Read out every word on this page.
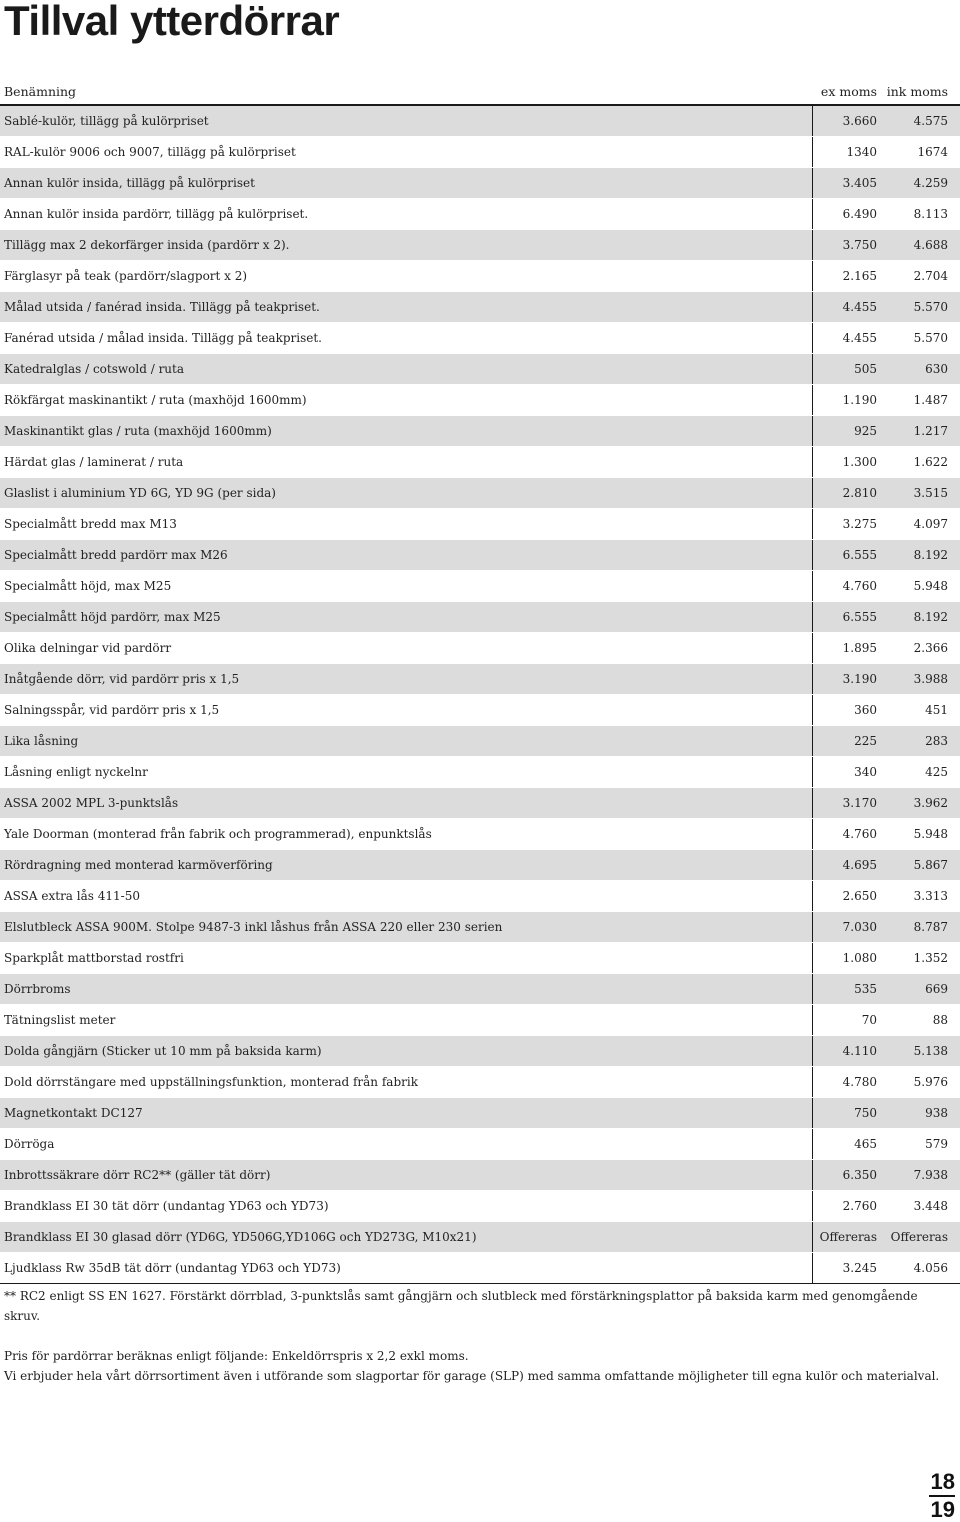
Tillval ytterdörrar
Benämning	ex moms ink moms
Sablé-kulör, tillägg på kulörpriset	3.660	4.575
RAL-kulör 9006 och 9007, tillägg på kulörpriset	1340	1674
Annan kulör insida, tillägg på kulörpriset	3.405	4.259
Annan kulör insida pardörr, tillägg på kulörpriset.	6.490	8.113
Tillägg max 2 dekorfärger insida (pardörr x 2).	3.750	4.688
Färglasyr på teak (pardörr/slagport x 2)	2.165	2.704
Målad utsida / fanérad insida. Tillägg på teakpriset.	4.455	5.570
Fanérad utsida / målad insida. Tillägg på teakpriset.	4.455	5.570
Katedralglas / cotswold / ruta	505	630
Rökfärgat maskinantikt / ruta (maxhöjd 1600mm)	1.190	1.487
Maskinantikt glas / ruta (maxhöjd 1600mm)	925	1.217
Härdat glas / laminerat / ruta	1.300	1.622
Glaslist i aluminium YD 6G, YD 9G (per sida)	2.810	3.515
Specialmått bredd max M13	3.275	4.097
Specialmått bredd pardörr max M26	6.555	8.192
Specialmått höjd, max M25	4.760	5.948
Specialmått höjd pardörr, max M25	6.555	8.192
Olika delningar vid pardörr	1.895	2.366
Inåtgående dörr, vid pardörr pris x 1,5	3.190	3.988
Salningsspår, vid pardörr pris x 1,5	360	451
Lika låsning	225	283
Låsning enligt nyckelnr	340	425
ASSA 2002 MPL 3-punktslås	3.170	3.962
Yale Doorman (monterad från fabrik och programmerad), enpunktslås	4.760	5.948
Rördragning med monterad karmöverföring	4.695	5.867
ASSA extra lås 411-50	2.650	3.313
Elslutbleck ASSA 900M. Stolpe 9487-3 inkl låshus från ASSA 220 eller 230 serien	7.030	8.787
Sparkplåt mattborstad rostfri	1.080	1.352
Dörrbroms	535	669
Tätningslist meter	70	88
Dolda gångjärn (Sticker ut 10 mm på baksida karm)	4.110	5.138
Dold dörrstängare med uppställningsfunktion, monterad från fabrik	4.780	5.976
Magnetkontakt DC127	750	938
Dörröga	465	579
Inbrottssäkrare dörr RC2** (gäller tät dörr)	6.350	7.938
Brandklass EI 30 tät dörr (undantag YD63 och YD73)	2.760	3.448
Brandklass EI 30 glasad dörr (YD6G, YD506G,YD106G och YD273G, M10x21)	Offereras	Offereras
Ljudklass Rw 35dB tät dörr (undantag YD63 och YD73)	3.245	4.056

** RC2 enligt SS EN 1627. Förstärkt dörrblad, 3-punktslås samt gångjärn och slutbleck med förstärkningsplattor på baksida karm med genomgående skruv.

Pris för pardörrar beräknas enligt följande: Enkeldörrspris x 2,2 exkl moms.

Vi erbjuder hela vårt dörrsortiment även i utförande som slagportar för garage (SLP) med samma omfattande möjligheter till egna kulör och materialval.

18
19
